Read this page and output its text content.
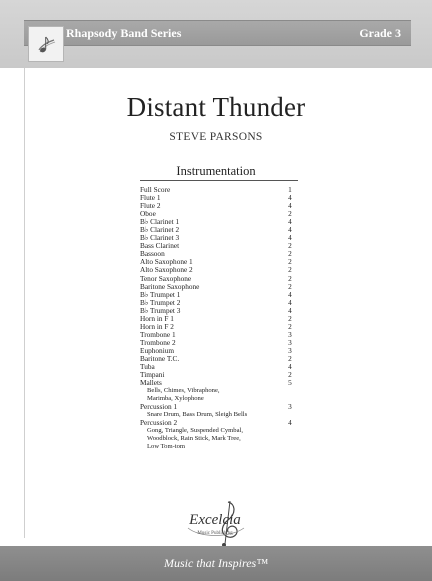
Rhapsody Band Series	Grade 3
Distant Thunder
STEVE PARSONS
Instrumentation
Full Score	1
Flute 1	4
Flute 2	4
Oboe	2
B♭ Clarinet 1	4
B♭ Clarinet 2	4
B♭ Clarinet 3	4
Bass Clarinet	2
Bassoon	2
Alto Saxophone 1	2
Alto Saxophone 2	2
Tenor Saxophone	2
Baritone Saxophone	2
B♭ Trumpet 1	4
B♭ Trumpet 2	4
B♭ Trumpet 3	4
Horn in F 1	2
Horn in F 2	2
Trombone 1	3
Trombone 2	3
Euphonium	3
Baritone T.C.	2
Tuba	4
Timpani	2
Mallets	5
Bells, Chimes, Vibraphone,
Marimba, Xylophone
Percussion 1	3
Snare Drum, Bass Drum, Sleigh Bells
Percussion 2	4
Gong, Triangle, Suspended Cymbal,
Woodblock, Rain Stick, Mark Tree,
Low Tom-tom
Excelcia
Music Publishing
Music that Inspires™
